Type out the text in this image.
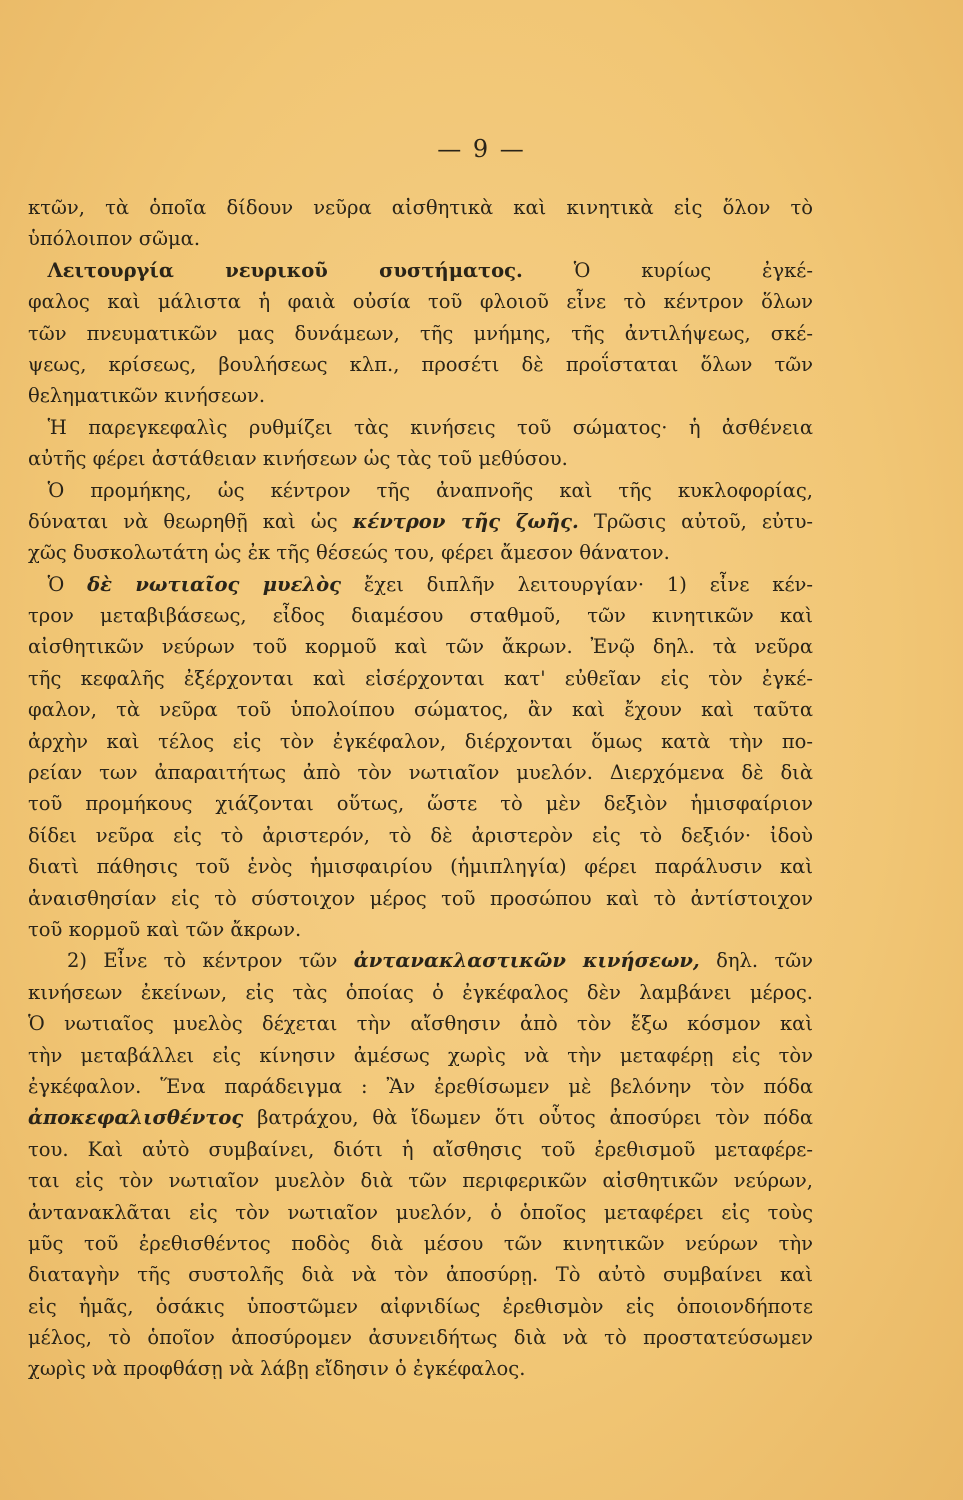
— 9 —
κτῶν, τὰ ὁποῖα δίδουν νεῦρα αἰσθητικὰ καὶ κινητικὰ εἰς ὅλον τὸ
ὑπόλοιπον σῶμα.
 Λειτουργία νευρικοῦ συστήματος.	Ὁ κυρίως ἐγκέ-
φαλος καὶ μάλιστα ἡ φαιὰ οὐσία τοῦ φλοιοῦ εἶνε τὸ κέντρον ὅλων
τῶν πνευματικῶν μας δυνάμεων, τῆς μνήμης, τῆς ἀντιλήψεως, σκέ-
ψεως, κρίσεως, βουλήσεως κλπ., προσέτι δὲ προΐσταται ὅλων τῶν
θεληματικῶν κινήσεων.
 Ἡ παρεγκεφαλὶς ρυθμίζει τὰς κινήσεις τοῦ σώματος· ἡ ἀσθένεια
αὐτῆς φέρει ἀστάθειαν κινήσεων ὡς τὰς τοῦ μεθύσου.
 Ὁ προμήκης, ὡς κέντρον τῆς ἀναπνοῆς καὶ τῆς κυκλοφορίας,
δύναται νὰ θεωρηθῇ καὶ ὡς κέντρον τῆς ζωῆς. Τρῶσις αὐτοῦ, εὐτυ-
χῶς δυσκολωτάτη ὡς ἐκ τῆς θέσεώς του, φέρει ἄμεσον θάνατον.
 Ὁ δὲ νωτιαῖος μυελὸς ἔχει διπλῆν λειτουργίαν· 1) εἶνε κέν-
τρον μεταβιβάσεως, εἶδος διαμέσου σταθμοῦ, τῶν κινητικῶν καὶ
αἰσθητικῶν νεύρων τοῦ κορμοῦ καὶ τῶν ἄκρων. Ἐνῷ δηλ. τὰ νεῦρα
τῆς κεφαλῆς ἐξέρχονται καὶ εἰσέρχονται κατ' εὐθεῖαν εἰς τὸν ἐγκέ-
φαλον, τὰ νεῦρα τοῦ ὑπολοίπου σώματος, ἂν καὶ ἔχουν καὶ ταῦτα
ἀρχὴν καὶ τέλος εἰς τὸν ἐγκέφαλον, διέρχονται ὅμως κατὰ τὴν πο-
ρείαν των ἀπαραιτήτως ἀπὸ τὸν νωτιαῖον μυελόν. Διερχόμενα δὲ διὰ
τοῦ προμήκους χιάζονται οὕτως, ὥστε τὸ μὲν δεξιὸν ἡμισφαίριον
δίδει νεῦρα εἰς τὸ ἀριστερόν, τὸ δὲ ἀριστερὸν εἰς τὸ δεξιόν· ἰδοὺ
διατὶ πάθησις τοῦ ἑνὸς ἡμισφαιρίου (ἡμιπληγία) φέρει παράλυσιν καὶ
ἀναισθησίαν εἰς τὸ σύστοιχον μέρος τοῦ προσώπου καὶ τὸ ἀντίστοιχον
τοῦ κορμοῦ καὶ τῶν ἄκρων.
  2) Εἶνε τὸ κέντρον τῶν ἀντανακλαστικῶν κινήσεων, δηλ. τῶν
κινήσεων ἐκείνων, εἰς τὰς ὁποίας ὁ ἐγκέφαλος δὲν λαμβάνει μέρος.
Ὁ νωτιαῖος μυελὸς δέχεται τὴν αἴσθησιν ἀπὸ τὸν ἔξω κόσμον καὶ
τὴν μεταβάλλει εἰς κίνησιν ἀμέσως χωρὶς νὰ τὴν μεταφέρῃ εἰς τὸν
ἐγκέφαλον. Ἕνα παράδειγμα : Ἂν ἐρεθίσωμεν μὲ βελόνην τὸν πόδα
ἀποκεφαλισθέντος βατράχου, θὰ ἴδωμεν ὅτι οὗτος ἀποσύρει τὸν πόδα
του. Καὶ αὐτὸ συμβαίνει, διότι ἡ αἴσθησις τοῦ ἐρεθισμοῦ μεταφέρε-
ται εἰς τὸν νωτιαῖον μυελὸν διὰ τῶν περιφερικῶν αἰσθητικῶν νεύρων,
ἀντανακλᾶται εἰς τὸν νωτιαῖον μυελόν, ὁ ὁποῖος μεταφέρει εἰς τοὺς
μῦς τοῦ ἐρεθισθέντος ποδὸς διὰ μέσου τῶν κινητικῶν νεύρων τὴν
διαταγὴν τῆς συστολῆς διὰ νὰ τὸν ἀποσύρῃ. Τὸ αὐτὸ συμβαίνει καὶ
εἰς ἡμᾶς, ὁσάκις ὑποστῶμεν αἰφνιδίως ἐρεθισμὸν εἰς ὁποιονδήποτε
μέλος, τὸ ὁποῖον ἀποσύρομεν ἀσυνειδήτως διὰ νὰ τὸ προστατεύσωμεν
χωρὶς νὰ προφθάσῃ νὰ λάβῃ εἴδησιν ὁ ἐγκέφαλος.
